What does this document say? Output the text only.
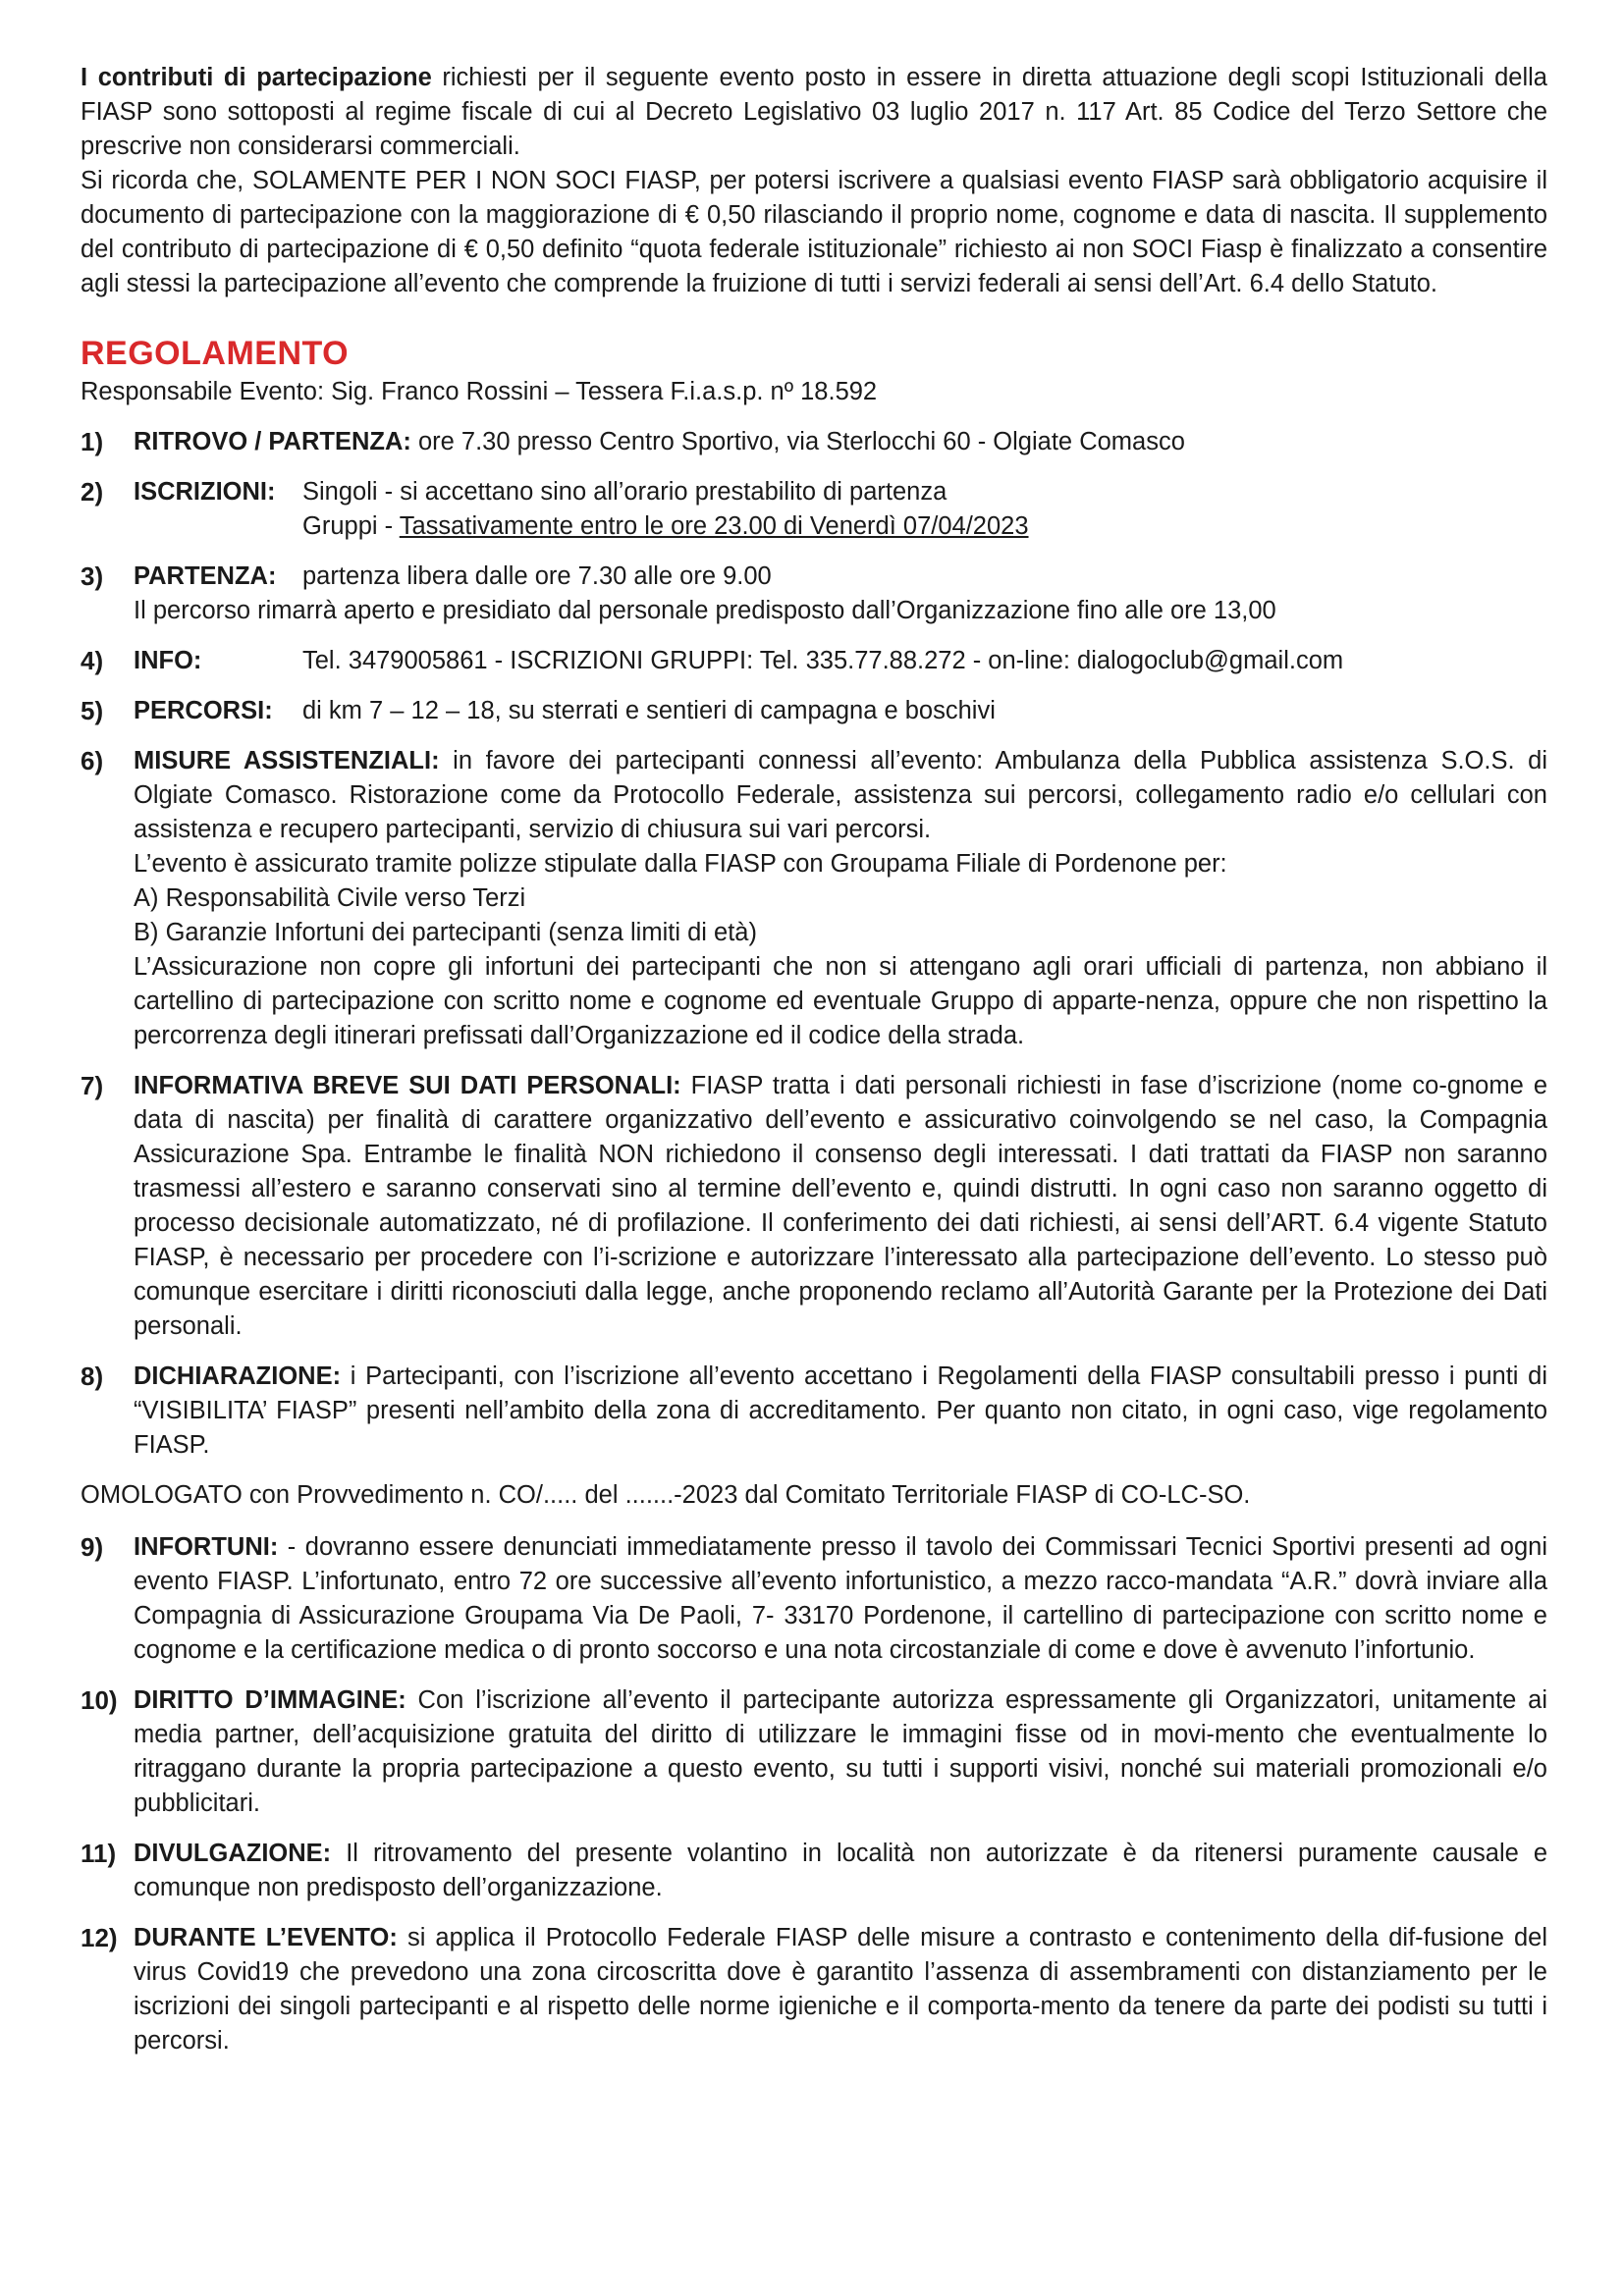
I contributi di partecipazione richiesti per il seguente evento posto in essere in diretta attuazione degli scopi Istituzionali della FIASP sono sottoposti al regime fiscale di cui al Decreto Legislativo 03 luglio 2017 n. 117 Art. 85 Codice del Terzo Settore che prescrive non considerarsi commerciali.

Si ricorda che, SOLAMENTE PER I NON SOCI FIASP, per potersi iscrivere a qualsiasi evento FIASP sarà obbligatorio acquisire il documento di partecipazione con la maggiorazione di € 0,50 rilasciando il proprio nome, cognome e data di nascita. Il supplemento del contributo di partecipazione di € 0,50 definito “quota federale istituzionale” richiesto ai non SOCI Fiasp è finalizzato a consentire agli stessi la partecipazione all’evento che comprende la fruizione di tutti i servizi federali ai sensi dell’Art. 6.4 dello Statuto.

REGOLAMENTO
Responsabile Evento: Sig. Franco Rossini – Tessera F.i.a.s.p. nº 18.592
1) RITROVO / PARTENZA: ore 7.30 presso Centro Sportivo, via Sterlocchi 60 - Olgiate Comasco

2) ISCRIZIONI:	Singoli - si accettano sino all’orario prestabilito di partenza
Gruppi - Tassativamente entro le ore 23.00 di Venerdì 07/04/2023
3) PARTENZA:	partenza libera dalle ore 7.30 alle ore 9.00

Il percorso rimarrà aperto e presidiato dal personale predisposto dall’Organizzazione fino alle ore 13,00

4) INFO:	Tel. 3479005861 - ISCRIZIONI GRUPPI: Tel. 335.77.88.272 - on-line: dialogoclub@gmail.com
5) PERCORSI:	di km 7 – 12 – 18, su sterrati e sentieri di campagna e boschivi
6) MISURE ASSISTENZIALI: in favore dei partecipanti connessi all’evento: Ambulanza della Pubblica assistenza S.O.S. di Olgiate Comasco. Ristorazione come da Protocollo Federale, assistenza sui percorsi, collegamento radio e/o cellulari con assistenza e recupero partecipanti, servizio di chiusura sui vari percorsi.

L’evento è assicurato tramite polizze stipulate dalla FIASP con Groupama Filiale di Pordenone per:

A) Responsabilità Civile verso Terzi

B) Garanzie Infortuni dei partecipanti (senza limiti di età)

L’Assicurazione non copre gli infortuni dei partecipanti che non si attengano agli orari ufficiali di partenza, non abbiano il cartellino di partecipazione con scritto nome e cognome ed eventuale Gruppo di apparte-nenza, oppure che non rispettino la percorrenza degli itinerari prefissati dall’Organizzazione ed il codice della strada.

7) INFORMATIVA BREVE SUI DATI PERSONALI: FIASP tratta i dati personali richiesti in fase d’iscrizione (nome co-gnome e data di nascita) per finalità di carattere organizzativo dell’evento e assicurativo coinvolgendo se nel caso, la Compagnia Assicurazione Spa. Entrambe le finalità NON richiedono il consenso degli interessati. I dati trattati da FIASP non saranno trasmessi all’estero e saranno conservati sino al termine dell’evento e, quindi distrutti. In ogni caso non saranno oggetto di processo decisionale automatizzato, né di profilazione. Il conferimento dei dati richiesti, ai sensi dell’ART. 6.4 vigente Statuto FIASP, è necessario per procedere con l’i-scrizione e autorizzare l’interessato alla partecipazione dell’evento. Lo stesso può comunque esercitare i diritti riconosciuti dalla legge, anche proponendo reclamo all’Autorità Garante per la Protezione dei Dati personali.

8) DICHIARAZIONE: i Partecipanti, con l’iscrizione all’evento accettano i Regolamenti della FIASP consultabili presso i punti di “VISIBILITA’ FIASP” presenti nell’ambito della zona di accreditamento. Per quanto non citato, in ogni caso, vige regolamento FIASP.

OMOLOGATO con Provvedimento n. CO/..... del .......-2023 dal Comitato Territoriale FIASP di CO-LC-SO.
9) INFORTUNI: - dovranno essere denunciati immediatamente presso il tavolo dei Commissari Tecnici Sportivi presenti ad ogni evento FIASP. L’infortunato, entro 72 ore successive all’evento infortunistico, a mezzo racco-mandata “A.R.” dovrà inviare alla Compagnia di Assicurazione Groupama Via De Paoli, 7- 33170 Pordenone, il cartellino di partecipazione con scritto nome e cognome e la certificazione medica o di pronto soccorso e una nota circostanziale di come e dove è avvenuto l’infortunio.

10) DIRITTO D’IMMAGINE: Con l’iscrizione all’evento il partecipante autorizza espressamente gli Organizzatori, unitamente ai media partner, dell’acquisizione gratuita del diritto di utilizzare le immagini fisse od in movi-mento che eventualmente lo ritraggano durante la propria partecipazione a questo evento, su tutti i supporti visivi, nonché sui materiali promozionali e/o pubblicitari.

11) DIVULGAZIONE: Il ritrovamento del presente volantino in località non autorizzate è da ritenersi puramente causale e comunque non predisposto dell’organizzazione.

12) DURANTE L’EVENTO: si applica il Protocollo Federale FIASP delle misure a contrasto e contenimento della dif-fusione del virus Covid19 che prevedono una zona circoscritta dove è garantito l’assenza di assembramenti con distanziamento per le iscrizioni dei singoli partecipanti e al rispetto delle norme igieniche e il comporta-mento da tenere da parte dei podisti su tutti i percorsi.
